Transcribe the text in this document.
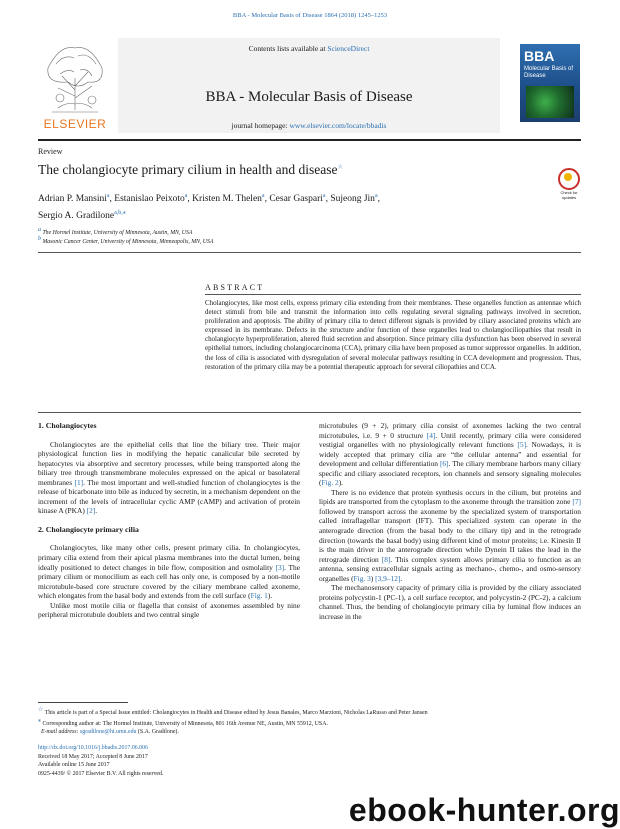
BBA - Molecular Basis of Disease 1864 (2018) 1245–1253
ELSEVIER
Contents lists available at ScienceDirect
BBA - Molecular Basis of Disease
journal homepage: www.elsevier.com/locate/bbadis
BBA
Molecular Basis of Disease
Review
The cholangiocyte primary cilium in health and disease☆
Check for updates
Adrian P. Mansini$^a$, Estanislao Peixoto$^a$, Kristen M. Thelen$^a$, Cesar Gaspari$^a$, Sujeong Jin$^a$,
Sergio A. Gradilone$^{a,b,⁎}$
a The Hormel Institute, University of Minnesota, Austin, MN, USA
b Masonic Cancer Center, University of Minnesota, Minneapolis, MN, USA
ABSTRACT
Cholangiocytes, like most cells, express primary cilia extending from their membranes. These organelles function as antennae which detect stimuli from bile and transmit the information into cells regulating several signaling pathways involved in secretion, proliferation and apoptosis. The ability of primary cilia to detect different signals is provided by ciliary associated proteins which are expressed in its membrane. Defects in the structure and/or function of these organelles lead to cholangiociliopathies that result in cholangiocyte hyperproliferation, altered fluid secretion and absorption. Since primary cilia dysfunction has been observed in several epithelial tumors, including cholangiocarcinoma (CCA), primary cilia have been proposed as tumor suppressor organelles. In addition, the loss of cilia is associated with dysregulation of several molecular pathways resulting in CCA development and progression. Thus, restoration of the primary cilia may be a potential therapeutic approach for several ciliopathies and CCA.
1. Cholangiocytes

Cholangiocytes are the epithelial cells that line the biliary tree. Their major physiological function lies in modifying the hepatic canalicular bile secreted by hepatocytes via absorptive and secretory processes, while being transported along the biliary tree through transmembrane molecules expressed on the apical or basolateral membranes [1]. The most important and well-studied function of cholangiocytes is the release of bicarbonate into bile as induced by secretin, in a mechanism dependent on the increment of the levels of intracellular cyclic AMP (cAMP) and activation of protein kinase A (PKA) [2].

2. Cholangiocyte primary cilia

Cholangiocytes, like many other cells, present primary cilia. In cholangiocytes, primary cilia extend from their apical plasma membranes into the ductal lumen, being ideally positioned to detect changes in bile flow, composition and osmolality [3]. The primary cilium or monocilium as each cell has only one, is composed by a non-motile microtubule-based core structure covered by the ciliary membrane called axoneme, which elongates from the basal body and extends from the cell surface (Fig. 1).

Unlike most motile cilia or flagella that consist of axonemes assembled by nine peripheral microtubule doublets and two central single

microtubules (9 + 2), primary cilia consist of axonemes lacking the two central microtubules, i.e. 9 + 0 structure [4]. Until recently, primary cilia were considered vestigial organelles with no physiologically relevant functions [5]. Nowadays, it is widely accepted that primary cilia are “the cellular antenna” and essential for development and cellular differentiation [6]. The ciliary membrane harbors many ciliary specific and ciliary associated receptors, ion channels and sensory signaling molecules (Fig. 2).

There is no evidence that protein synthesis occurs in the cilium, but proteins and lipids are transported from the cytoplasm to the axoneme through the transition zone [7] followed by transport across the axoneme by the specialized system of transportation called intraflagellar transport (IFT). This specialized system can operate in the anterograde direction (from the basal body to the ciliary tip) and in the retrograde direction (towards the basal body) using different kind of motor proteins; i.e. Kinesin II is the main driver in the anterograde direction while Dynein II takes the lead in the retrograde direction [8]. This complex system allows primary cilia to function as an antenna, sensing extracellular signals acting as mechano-, chemo-, and osmo-sensory organelles (Fig. 3) [3,9–12].

The mechanosensory capacity of primary cilia is provided by the ciliary associated proteins polycystin-1 (PC-1), a cell surface receptor, and polycystin-2 (PC-2), a calcium channel. Thus, the bending of cholangiocyte primary cilia by luminal flow induces an increase in the

☆ This article is part of a Special Issue entitled: Cholangiocytes in Health and Disease edited by Jesus Banales, Marco Marzioni, Nicholas LaRusso and Peter Jansen
⁎ Corresponding author at: The Hormel Institute, University of Minnesota, 801 16th Avenue NE, Austin, MN 55912, USA.
E-mail address: sgradilone@hi.umn.edu (S.A. Gradilone).
http://dx.doi.org/10.1016/j.bbadis.2017.06.006
Received 18 May 2017; Accepted 8 June 2017
Available online 15 June 2017
0925-4439/ © 2017 Elsevier B.V. All rights reserved.
ebook-hunter.org
